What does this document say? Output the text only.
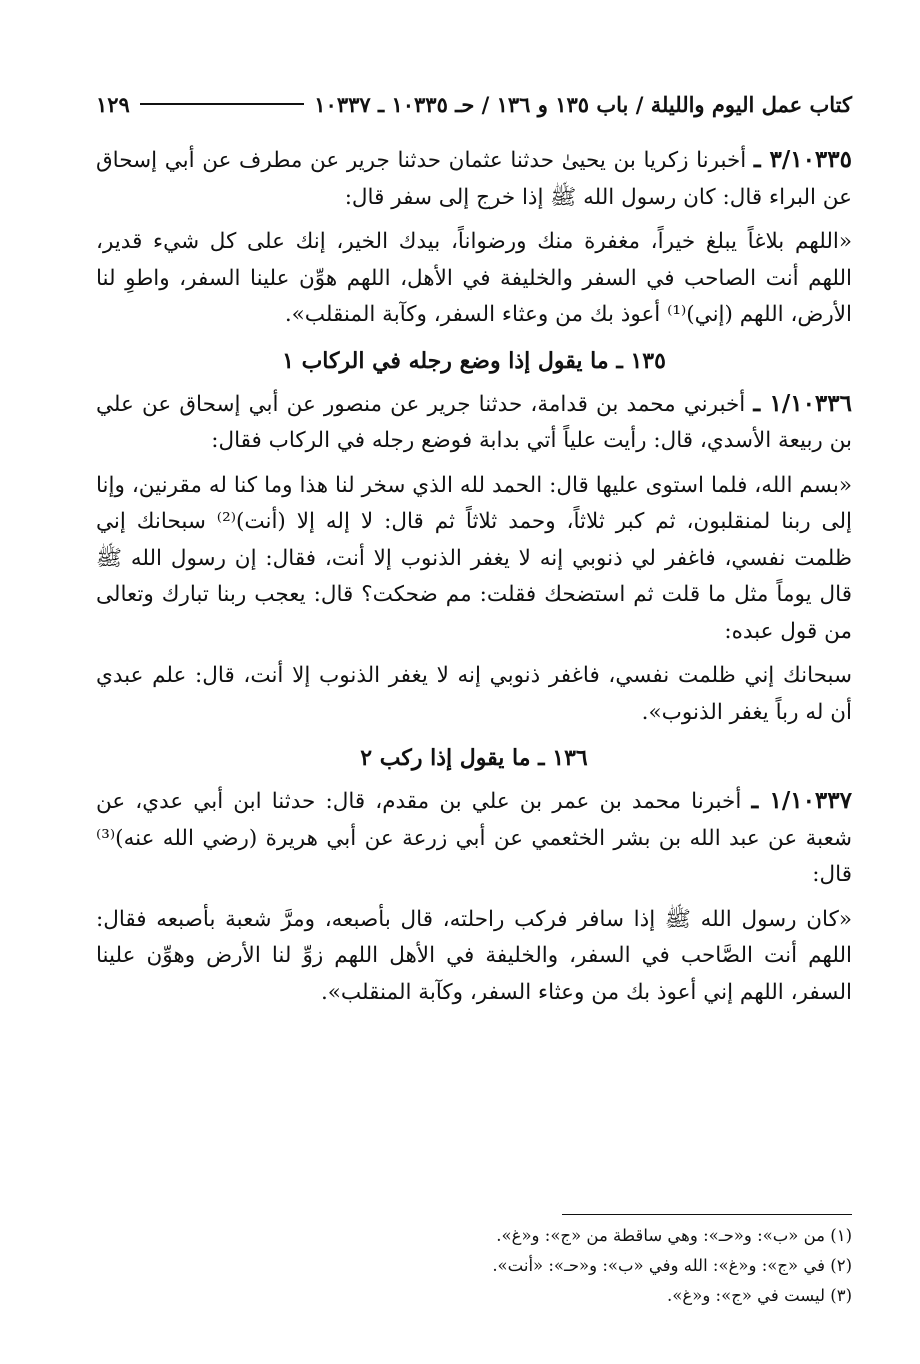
كتاب عمل اليوم والليلة / باب ١٣٥ و ١٣٦ / حـ ١٠٣٣٥ ـ ١٠٣٣٧
١٢٩

٣/١٠٣٣٥ ـ أخبرنا زكريا بن يحيىٰ حدثنا عثمان حدثنا جرير عن مطرف عن أبي إسحاق عن البراء قال: كان رسول الله ﷺ إذا خرج إلى سفر قال:

«اللهم بلاغاً يبلغ خيراً، مغفرة منك ورضواناً، بيدك الخير، إنك على كل شيء قدير، اللهم أنت الصاحب في السفر والخليفة في الأهل، اللهم هوِّن علينا السفر، واطوِ لنا الأرض، اللهم (إني)⁽¹⁾ أعوذ بك من وعثاء السفر، وكآبة المنقلب».

١٣٥ ـ ما يقول إذا وضع رجله في الركاب ١

١/١٠٣٣٦ ـ أخبرني محمد بن قدامة، حدثنا جرير عن منصور عن أبي إسحاق عن علي بن ربيعة الأسدي، قال: رأيت علياً أتي بدابة فوضع رجله في الركاب فقال:

«بسم الله، فلما استوى عليها قال: الحمد لله الذي سخر لنا هذا وما كنا له مقرنين، وإنا إلى ربنا لمنقلبون، ثم كبر ثلاثاً، وحمد ثلاثاً ثم قال: لا إله إلا (أنت)⁽²⁾ سبحانك إني ظلمت نفسي، فاغفر لي ذنوبي إنه لا يغفر الذنوب إلا أنت، فقال: إن رسول الله ﷺ قال يوماً مثل ما قلت ثم استضحك فقلت: مم ضحكت؟ قال: يعجب ربنا تبارك وتعالى من قول عبده:

سبحانك إني ظلمت نفسي، فاغفر ذنوبي إنه لا يغفر الذنوب إلا أنت، قال: علم عبدي أن له رباً يغفر الذنوب».

١٣٦ ـ ما يقول إذا ركب ٢

١/١٠٣٣٧ ـ أخبرنا محمد بن عمر بن علي بن مقدم، قال: حدثنا ابن أبي عدي، عن شعبة عن عبد الله بن بشر الخثعمي عن أبي زرعة عن أبي هريرة (رضي الله عنه)⁽³⁾ قال:

«كان رسول الله ﷺ إذا سافر فركب راحلته، قال بأصبعه، ومرَّ شعبة بأصبعه فقال: اللهم أنت الصَّاحب في السفر، والخليفة في الأهل اللهم زوِّ لنا الأرض وهوِّن علينا السفر، اللهم إني أعوذ بك من وعثاء السفر، وكآبة المنقلب».

(١) من «ب»: و«حـ»: وهي ساقطة من «ج»: و«غ».

(٢) في «ج»: و«غ»: الله وفي «ب»: و«حـ»: «أنت».

(٣) ليست في «ج»: و«غ».
